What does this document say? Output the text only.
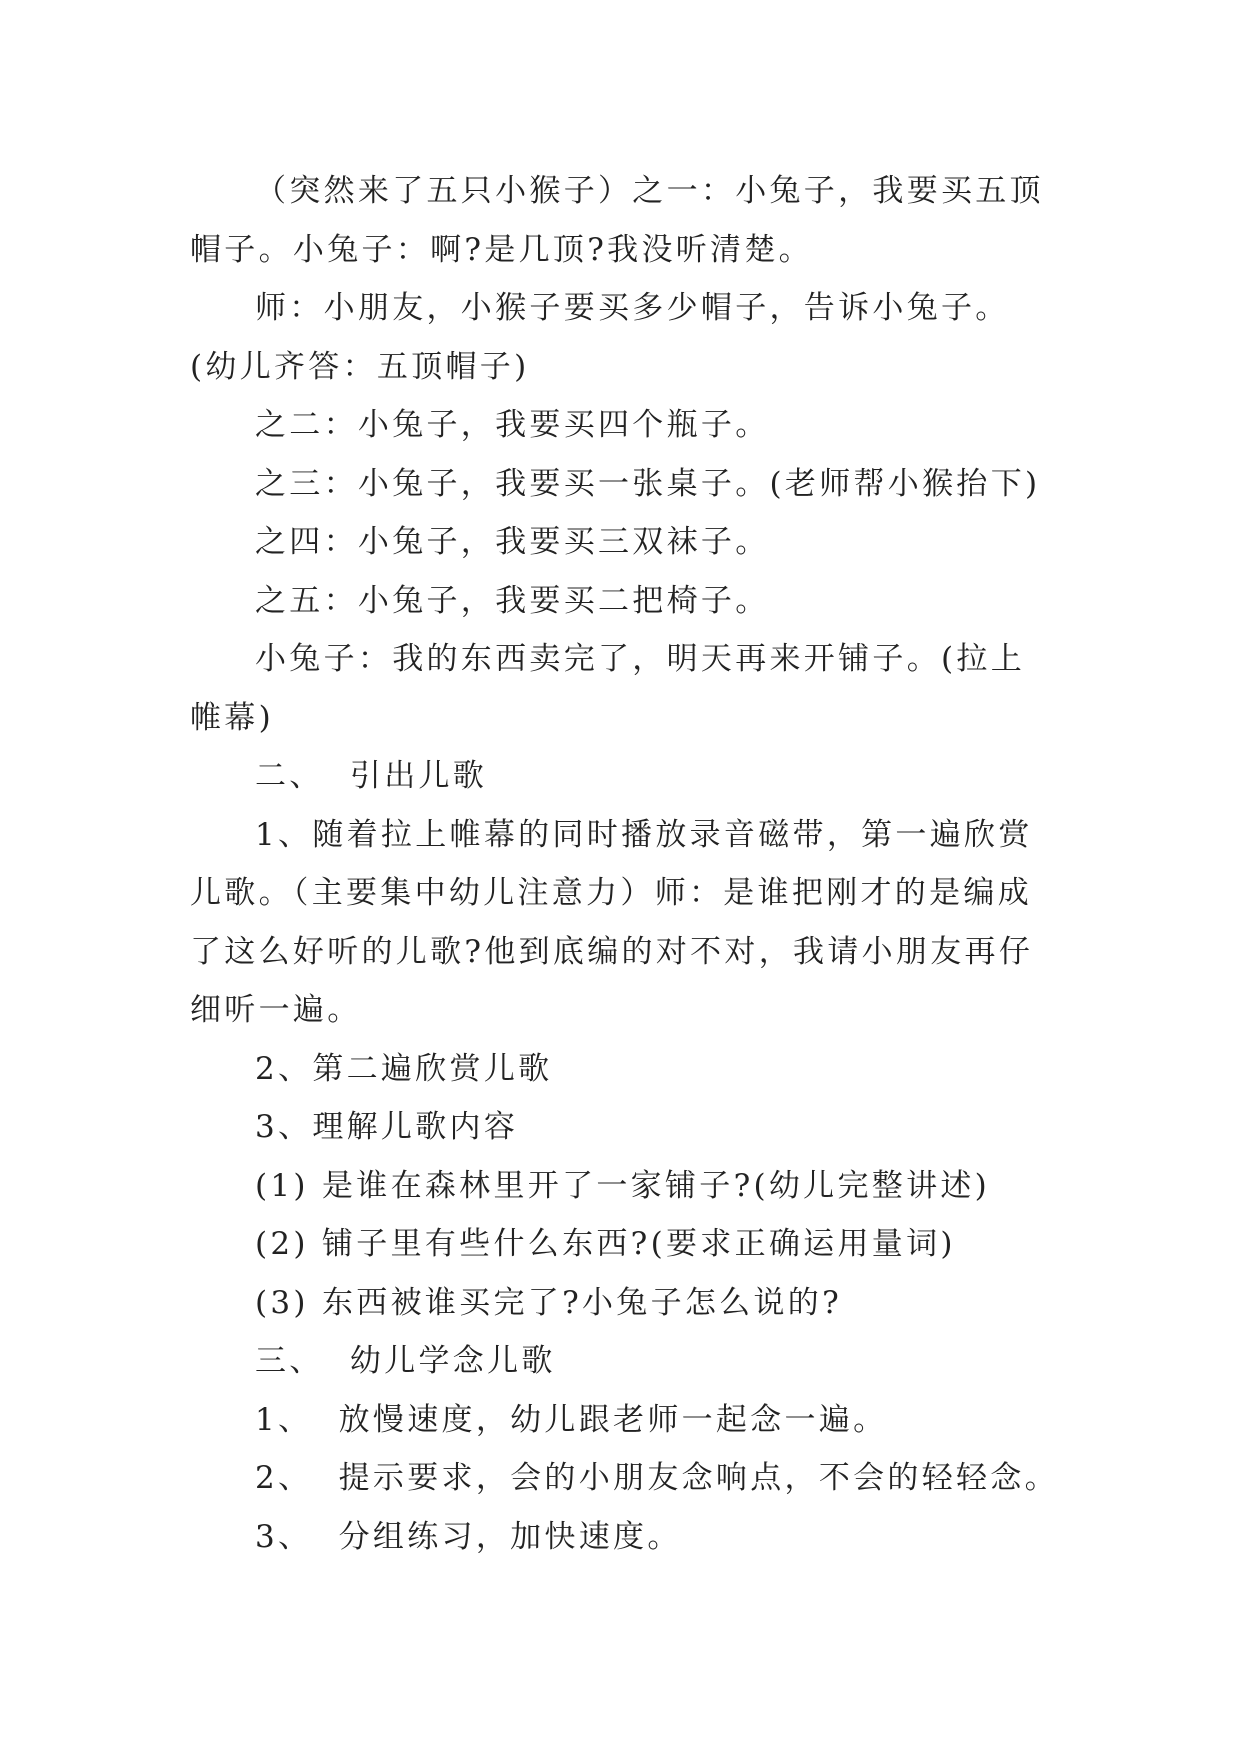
（突然来了五只小猴子）之一：小兔子，我要买五顶帽子。小兔子：啊?是几顶?我没听清楚。

师：小朋友，小猴子要买多少帽子，告诉小兔子。(幼儿齐答：五顶帽子)

之二：小兔子，我要买四个瓶子。

之三：小兔子，我要买一张桌子。(老师帮小猴抬下)

之四：小兔子，我要买三双袜子。

之五：小兔子，我要买二把椅子。

小兔子：我的东西卖完了，明天再来开铺子。(拉上帷幕)

二、  引出儿歌

1、随着拉上帷幕的同时播放录音磁带，第一遍欣赏儿歌。（主要集中幼儿注意力）师：是谁把刚才的是编成了这么好听的儿歌?他到底编的对不对，我请小朋友再仔细听一遍。

2、第二遍欣赏儿歌

3、理解儿歌内容

(1) 是谁在森林里开了一家铺子?(幼儿完整讲述)

(2) 铺子里有些什么东西?(要求正确运用量词)

(3) 东西被谁买完了?小兔子怎么说的?

三、  幼儿学念儿歌

1、  放慢速度，幼儿跟老师一起念一遍。

2、  提示要求，会的小朋友念响点，不会的轻轻念。

3、  分组练习，加快速度。
